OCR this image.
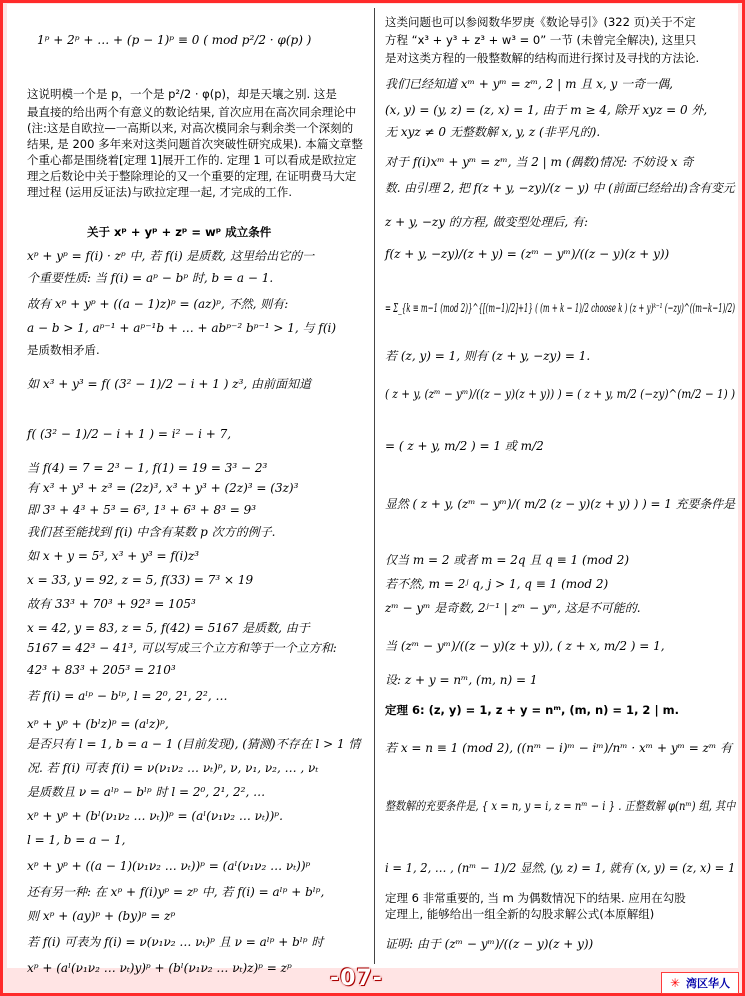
1ᵖ + 2ᵖ + … + (p − 1)ᵖ ≡ 0 ( mod p²/2 · φ(p) )
这说明模一个是 p，一个是 p²/2 · φ(p)，却是天壤之别. 这是
最直接的给出两个有意义的数论结果, 首次应用在高次同余理论中
(注:这是自欧拉—一高斯以来, 对高次模同余与剩余类一个深刻的
结果, 是 200 多年来对这类问题首次突破性研究成果). 本篇文章整
个重心都是围绕着[定理 1]展开工作的. 定理 1 可以看成是欧拉定
理之后数论中关于整除理论的又一个重要的定理, 在证明费马大定
理过程 (运用反证法)与欧拉定理一起, 才完成的工作.
关于 xᵖ + yᵖ + zᵖ = wᵖ 成立条件
xᵖ + yᵖ = f(i) · zᵖ 中, 若 f(i) 是质数, 这里给出它的一
个重要性质: 当 f(i) = aᵖ − bᵖ 时, b = a − 1.
故有 xᵖ + yᵖ + ((a − 1)z)ᵖ = (az)ᵖ, 不然, 则有:
a − b > 1, aᵖ⁻¹ + aᵖ⁻¹b + … + abᵖ⁻² bᵖ⁻¹ > 1, 与 f(i)
是质数相矛盾.
如 x³ + y³ = f( (3² − 1)/2 − i + 1 ) z³, 由前面知道
f( (3² − 1)/2 − i + 1 ) = i² − i + 7,
当 f(4) = 7 = 2³ − 1, f(1) = 19 = 3³ − 2³
有 x³ + y³ + z³ = (2z)³, x³ + y³ + (2z)³ = (3z)³
即 3³ + 4³ + 5³ = 6³, 1³ + 6³ + 8³ = 9³
我们甚至能找到 f(i) 中含有某数 p 次方的例子.
如 x + y = 5³, x³ + y³ = f(i)z³
x = 33, y = 92, z = 5, f(33) = 7³ × 19
故有 33³ + 70³ + 92³ = 105³
x = 42, y = 83, z = 5, f(42) = 5167 是质数, 由于
5167 = 42³ − 41³, 可以写成三个立方和等于一个立方和:
42³ + 83³ + 205³ = 210³
若 f(i) = aˡᵖ − bˡᵖ, l = 2⁰, 2¹, 2², …
xᵖ + yᵖ + (bˡz)ᵖ = (aˡz)ᵖ,
是否只有 l = 1, b = a − 1 (目前发现), (猜测)不存在 l > 1 情
况. 若 f(i) 可表 f(i) = ν(ν₁ν₂ … νₜ)ᵖ, ν, ν₁, ν₂, … , νₜ
是质数且 ν = aˡᵖ − bˡᵖ 时 l = 2⁰, 2¹, 2², …
xᵖ + yᵖ + (bˡ(ν₁ν₂ … νₜ))ᵖ = (aˡ(ν₁ν₂ … νₜ))ᵖ.
l = 1, b = a − 1,
xᵖ + yᵖ + ((a − 1)(ν₁ν₂ … νₜ))ᵖ = (aˡ(ν₁ν₂ … νₜ))ᵖ
还有另一种: 在 xᵖ + f(i)yᵖ = zᵖ 中, 若 f(i) = aˡᵖ + bˡᵖ,
则 xᵖ + (ay)ᵖ + (by)ᵖ = zᵖ
若 f(i) 可表为 f(i) = ν(ν₁ν₂ … νₜ)ᵖ 且 ν = aˡᵖ + bˡᵖ 时
xᵖ + (aˡ(ν₁ν₂ … νₜ)y)ᵖ + (bˡ(ν₁ν₂ … νₜ)z)ᵖ = zᵖ
这类问题也可以参阅数华罗庚《数论导引》(322 页)关于不定
方程 “x³ + y³ + z³ + w³ = 0” 一节 (未曾完全解决), 这里只
是对这类方程的一般整数解的结构而进行探讨及寻找的方法论.
我们已经知道 xᵐ + yᵐ = zᵐ, 2 | m 且 x, y 一奇一偶,
(x, y) = (y, z) = (z, x) = 1, 由于 m ≥ 4, 除开 xyz = 0 外,
无 xyz ≠ 0 无整数解 x, y, z (非平凡的).
对于 f(i)xᵐ + yᵐ = zᵐ, 当 2 | m (偶数)情况: 不妨设 x 奇
数. 由引理 2, 把 f(z + y, −zy)/(z − y) 中 (前面已经给出)含有变元
z + y, −zy 的方程, 做变型处理后, 有:
f(z + y, −zy)/(z + y) = (zᵐ − yᵐ)/((z − y)(z + y))
= Σ_{k ≡ m−1 (mod 2)}^{[(m−1)/2]+1} ( (m + k − 1)/2 choose k ) (z + y)ᵏ⁻¹ (−zy)^((m−k−1)/2)
若 (z, y) = 1, 则有 (z + y, −zy) = 1.
( z + y, (zᵐ − yᵐ)/((z − y)(z + y)) ) = ( z + y, m/2 (−zy)^(m/2 − 1) )
= ( z + y, m/2 ) = 1 或 m/2
显然 ( z + y, (zᵐ − yᵐ)/( m/2 (z − y)(z + y) ) ) = 1 充要条件是
仅当 m = 2 或者 m = 2q 且 q ≡ 1 (mod 2)
若不然, m = 2ʲ q, j > 1, q ≡ 1 (mod 2)
zᵐ − yᵐ 是奇数, 2ʲ⁻¹ | zᵐ − yᵐ, 这是不可能的.
当 (zᵐ − yᵐ)/((z − y)(z + y)), ( z + x, m/2 ) = 1,
设: z + y = nᵐ, (m, n) = 1
定理 6: (z, y) = 1, z + y = nᵐ, (m, n) = 1, 2 | m.
若 x = n ≡ 1 (mod 2), ((nᵐ − i)ᵐ − iᵐ)/nᵐ · xᵐ + yᵐ = zᵐ 有
整数解的充要条件是, { x = n, y = i, z = nᵐ − i } . 正整数解 φ(nᵐ) 组, 其中
i = 1, 2, … , (nᵐ − 1)/2 显然, (y, z) = 1, 就有 (x, y) = (z, x) = 1
定理 6 非常重要的, 当 m 为偶数情况下的结果. 应用在勾股
定理上, 能够给出一组全新的勾股求解公式(本原解组)
证明: 由于 (zᵐ − yᵐ)/((z − y)(z + y))
-07-	✳ 湾区华人
